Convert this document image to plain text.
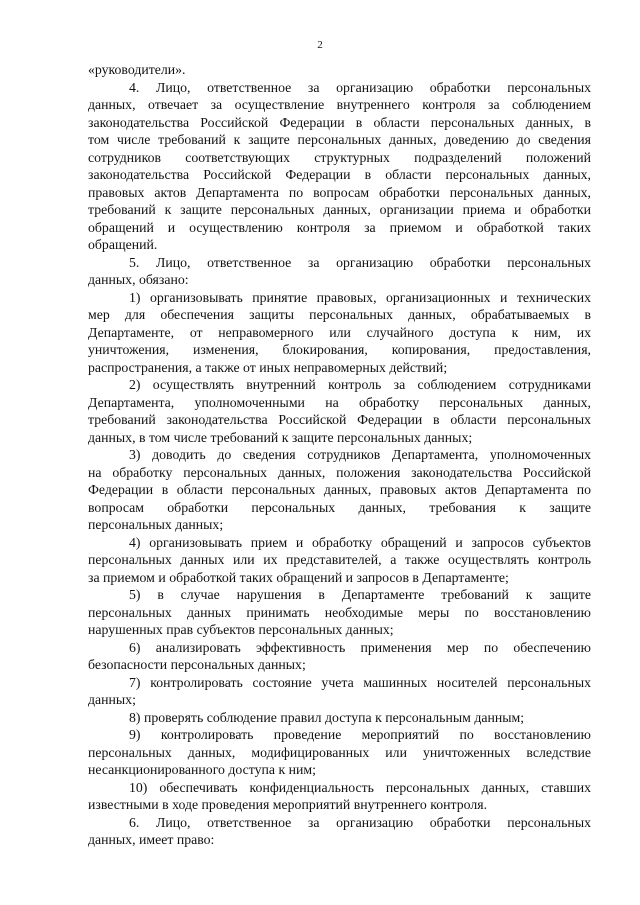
2
«руководители».
4. Лицо, ответственное за организацию обработки персональных
данных, отвечает за осуществление внутреннего контроля за соблюдением
законодательства Российской Федерации в области персональных данных, в
том числе требований к защите персональных данных, доведению до сведения
сотрудников соответствующих структурных подразделений положений
законодательства Российской Федерации в области персональных данных,
правовых актов Департамента по вопросам обработки персональных данных,
требований к защите персональных данных, организации приема и обработки
обращений и осуществлению контроля за приемом и обработкой таких
обращений.
5. Лицо, ответственное за организацию обработки персональных
данных, обязано:
1) организовывать принятие правовых, организационных и технических
мер для обеспечения защиты персональных данных, обрабатываемых в
Департаменте, от неправомерного или случайного доступа к ним, их
уничтожения, изменения, блокирования, копирования, предоставления,
распространения, а также от иных неправомерных действий;
2) осуществлять внутренний контроль за соблюдением сотрудниками
Департамента, уполномоченными на обработку персональных данных,
требований законодательства Российской Федерации в области персональных
данных, в том числе требований к защите персональных данных;
3) доводить до сведения сотрудников Департамента, уполномоченных
на обработку персональных данных, положения законодательства Российской
Федерации в области персональных данных, правовых актов Департамента по
вопросам обработки персональных данных, требования к защите
персональных данных;
4) организовывать прием и обработку обращений и запросов субъектов
персональных данных или их представителей, а также осуществлять контроль
за приемом и обработкой таких обращений и запросов в Департаменте;
5) в случае нарушения в Департаменте требований к защите
персональных данных принимать необходимые меры по восстановлению
нарушенных прав субъектов персональных данных;
6) анализировать эффективность применения мер по обеспечению
безопасности персональных данных;
7) контролировать состояние учета машинных носителей персональных
данных;
8) проверять соблюдение правил доступа к персональным данным;
9) контролировать проведение мероприятий по восстановлению
персональных данных, модифицированных или уничтоженных вследствие
несанкционированного доступа к ним;
10) обеспечивать конфиденциальность персональных данных, ставших
известными в ходе проведения мероприятий внутреннего контроля.
6. Лицо, ответственное за организацию обработки персональных
данных, имеет право:
